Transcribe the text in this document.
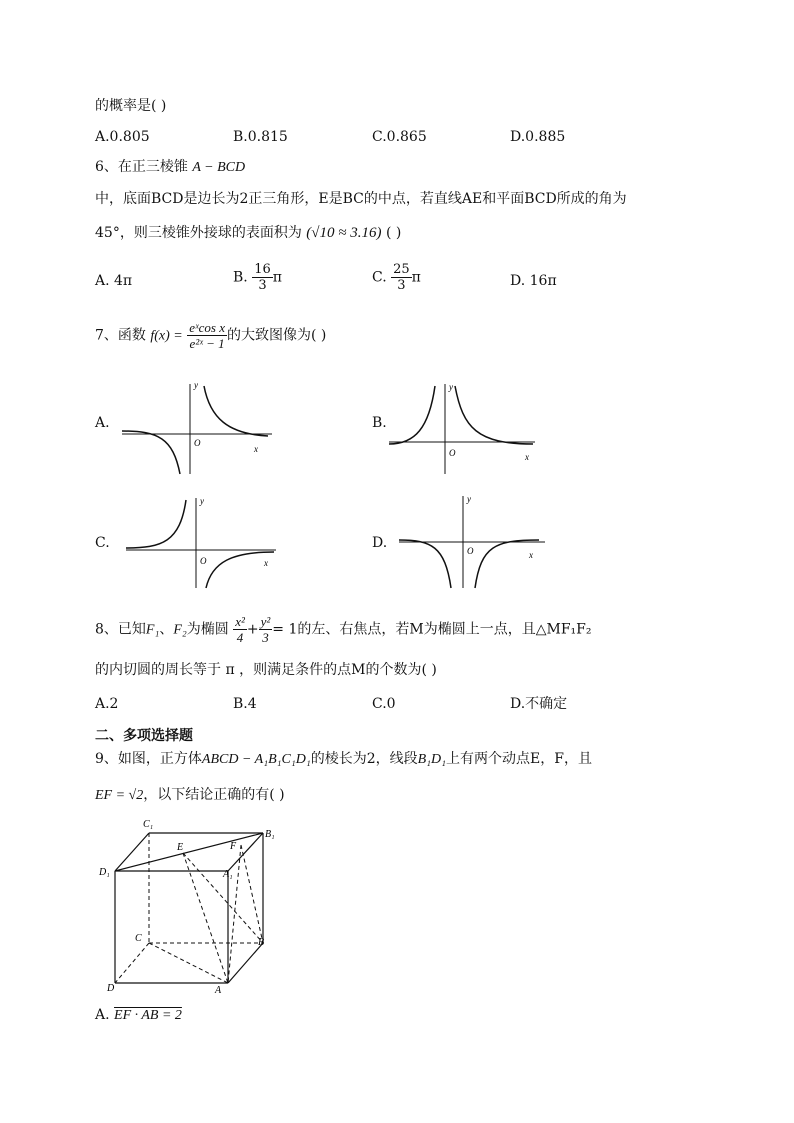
的概率是( )
A.0.805	B.0.815	C.0.865	D.0.885
6、在正三棱锥 A − BCD
中，底面BCD是边长为2正三角形，E是BC的中点，若直线AE和平面BCD所成的角为
45°，则三棱锥外接球的表面积为 (√10 ≈ 3.16) ( )
A. 4π	B. $\frac{16}{3}$ π	C. $\frac{25}{3}$ π	D. 16π
7、函数 $f(x) = \frac{\text{eˣcos x}}{\text{e²ˣ − 1}}$ 的大致图像为( )
A.	B.
C.	D.
y
O
x
y
O	x
y
O	x
y
O	x
8、已知F₁、F₂为椭圆 $\frac{\text{x²}}{4} + \frac{\text{y²}}{3} = 1$的左、右焦点，若M为椭圆上一点，且△MF₁F₂
的内切圆的周长等于 π ，则满足条件的点M的个数为( )
A.2	B.4	C.0	D.不确定
二、多项选择题
9、如图，正方体ABCD − A₁B₁C₁D₁的棱长为2，线段B₁D₁上有两个动点E，F，且
EF = √2，以下结论正确的有( )
C₁
B₁
E	F
D₁	A₁
C	B
D	A
A. EF · AB = 2
